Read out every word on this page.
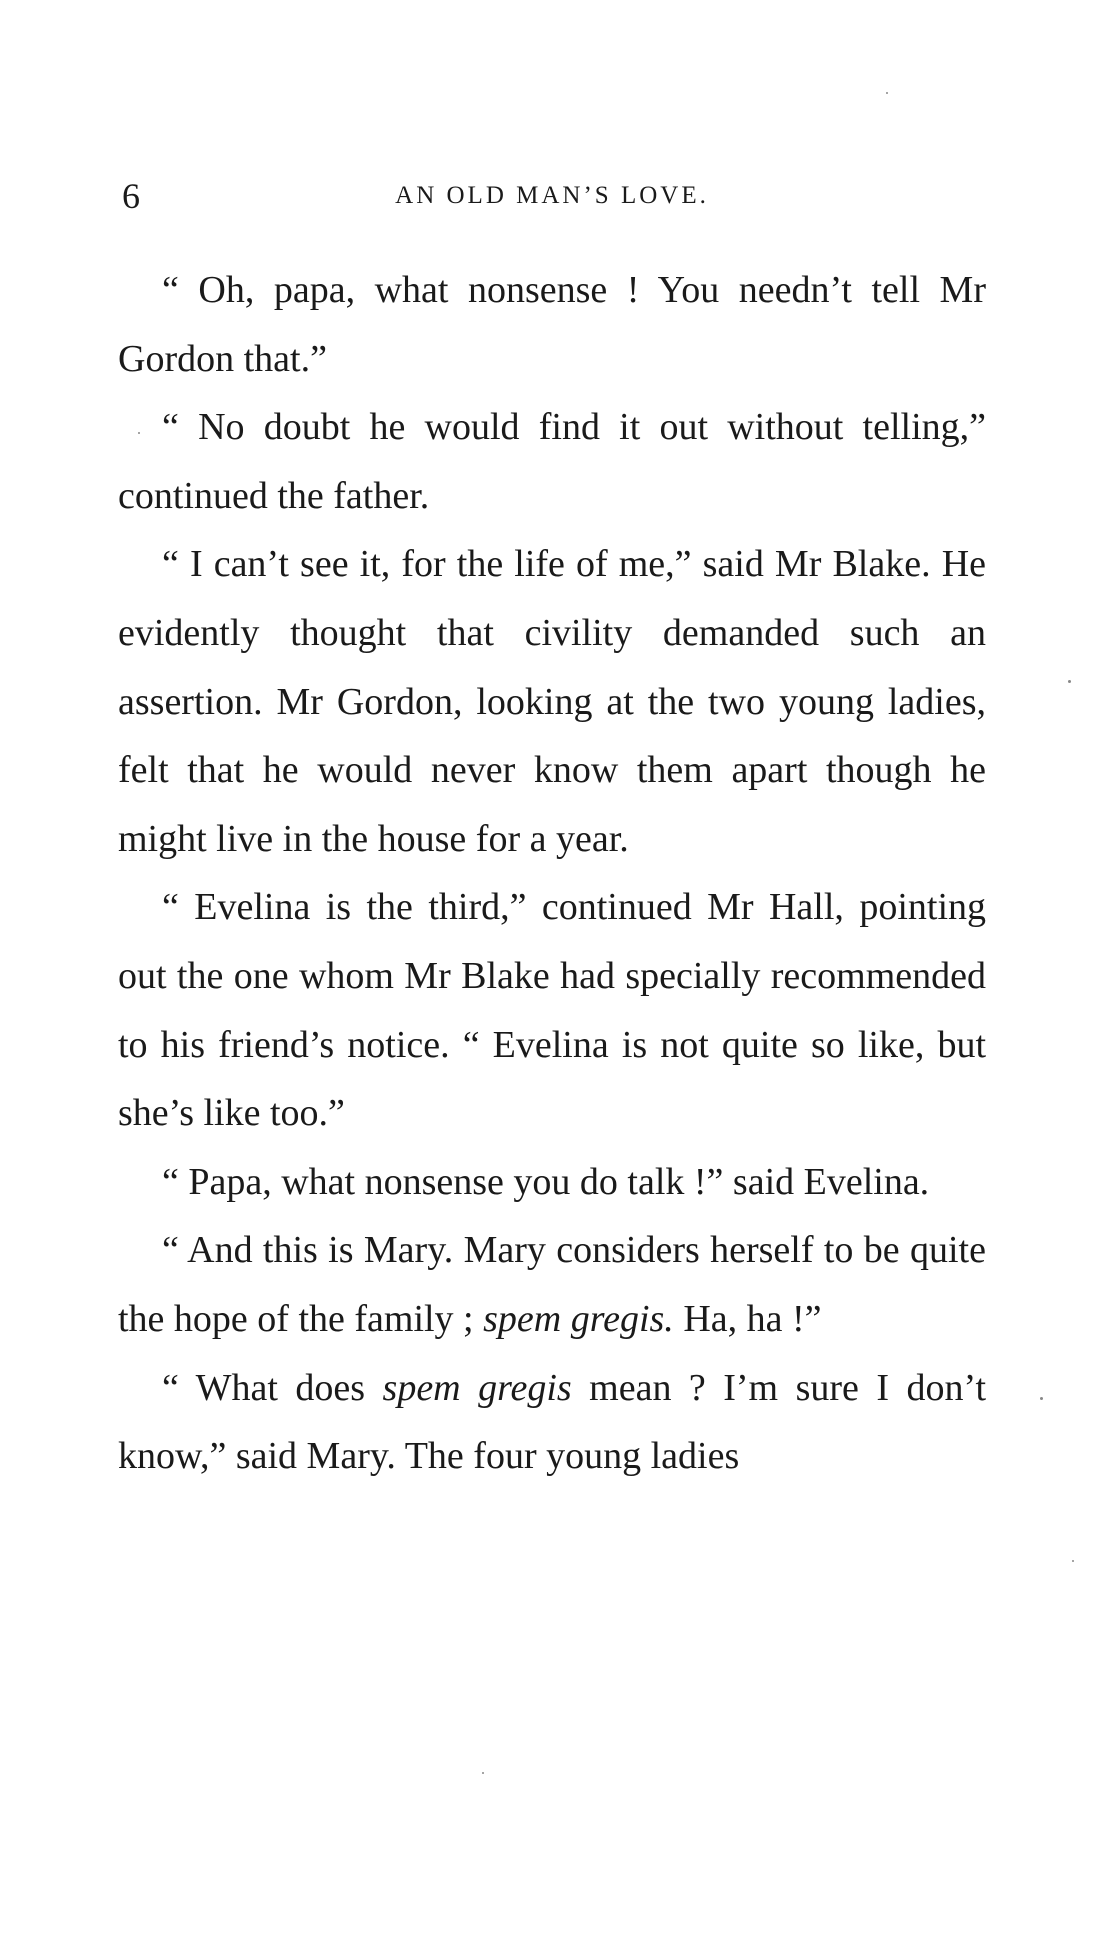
6	AN OLD MAN’S LOVE.

“ Oh, papa, what nonsense ! You needn’t tell Mr Gordon that.”

“ No doubt he would find it out without telling,” continued the father.

“ I can’t see it, for the life of me,” said Mr Blake. He evidently thought that civility demanded such an assertion. Mr Gordon, looking at the two young ladies, felt that he would never know them apart though he might live in the house for a year.

“ Evelina is the third,” continued Mr Hall, pointing out the one whom Mr Blake had specially recommended to his friend’s notice. “ Evelina is not quite so like, but she’s like too.”

“ Papa, what nonsense you do talk !” said Evelina.

“ And this is Mary. Mary considers herself to be quite the hope of the family ; spem gregis. Ha, ha !”

“ What does spem gregis mean ? I’m sure I don’t know,” said Mary. The four young ladies
